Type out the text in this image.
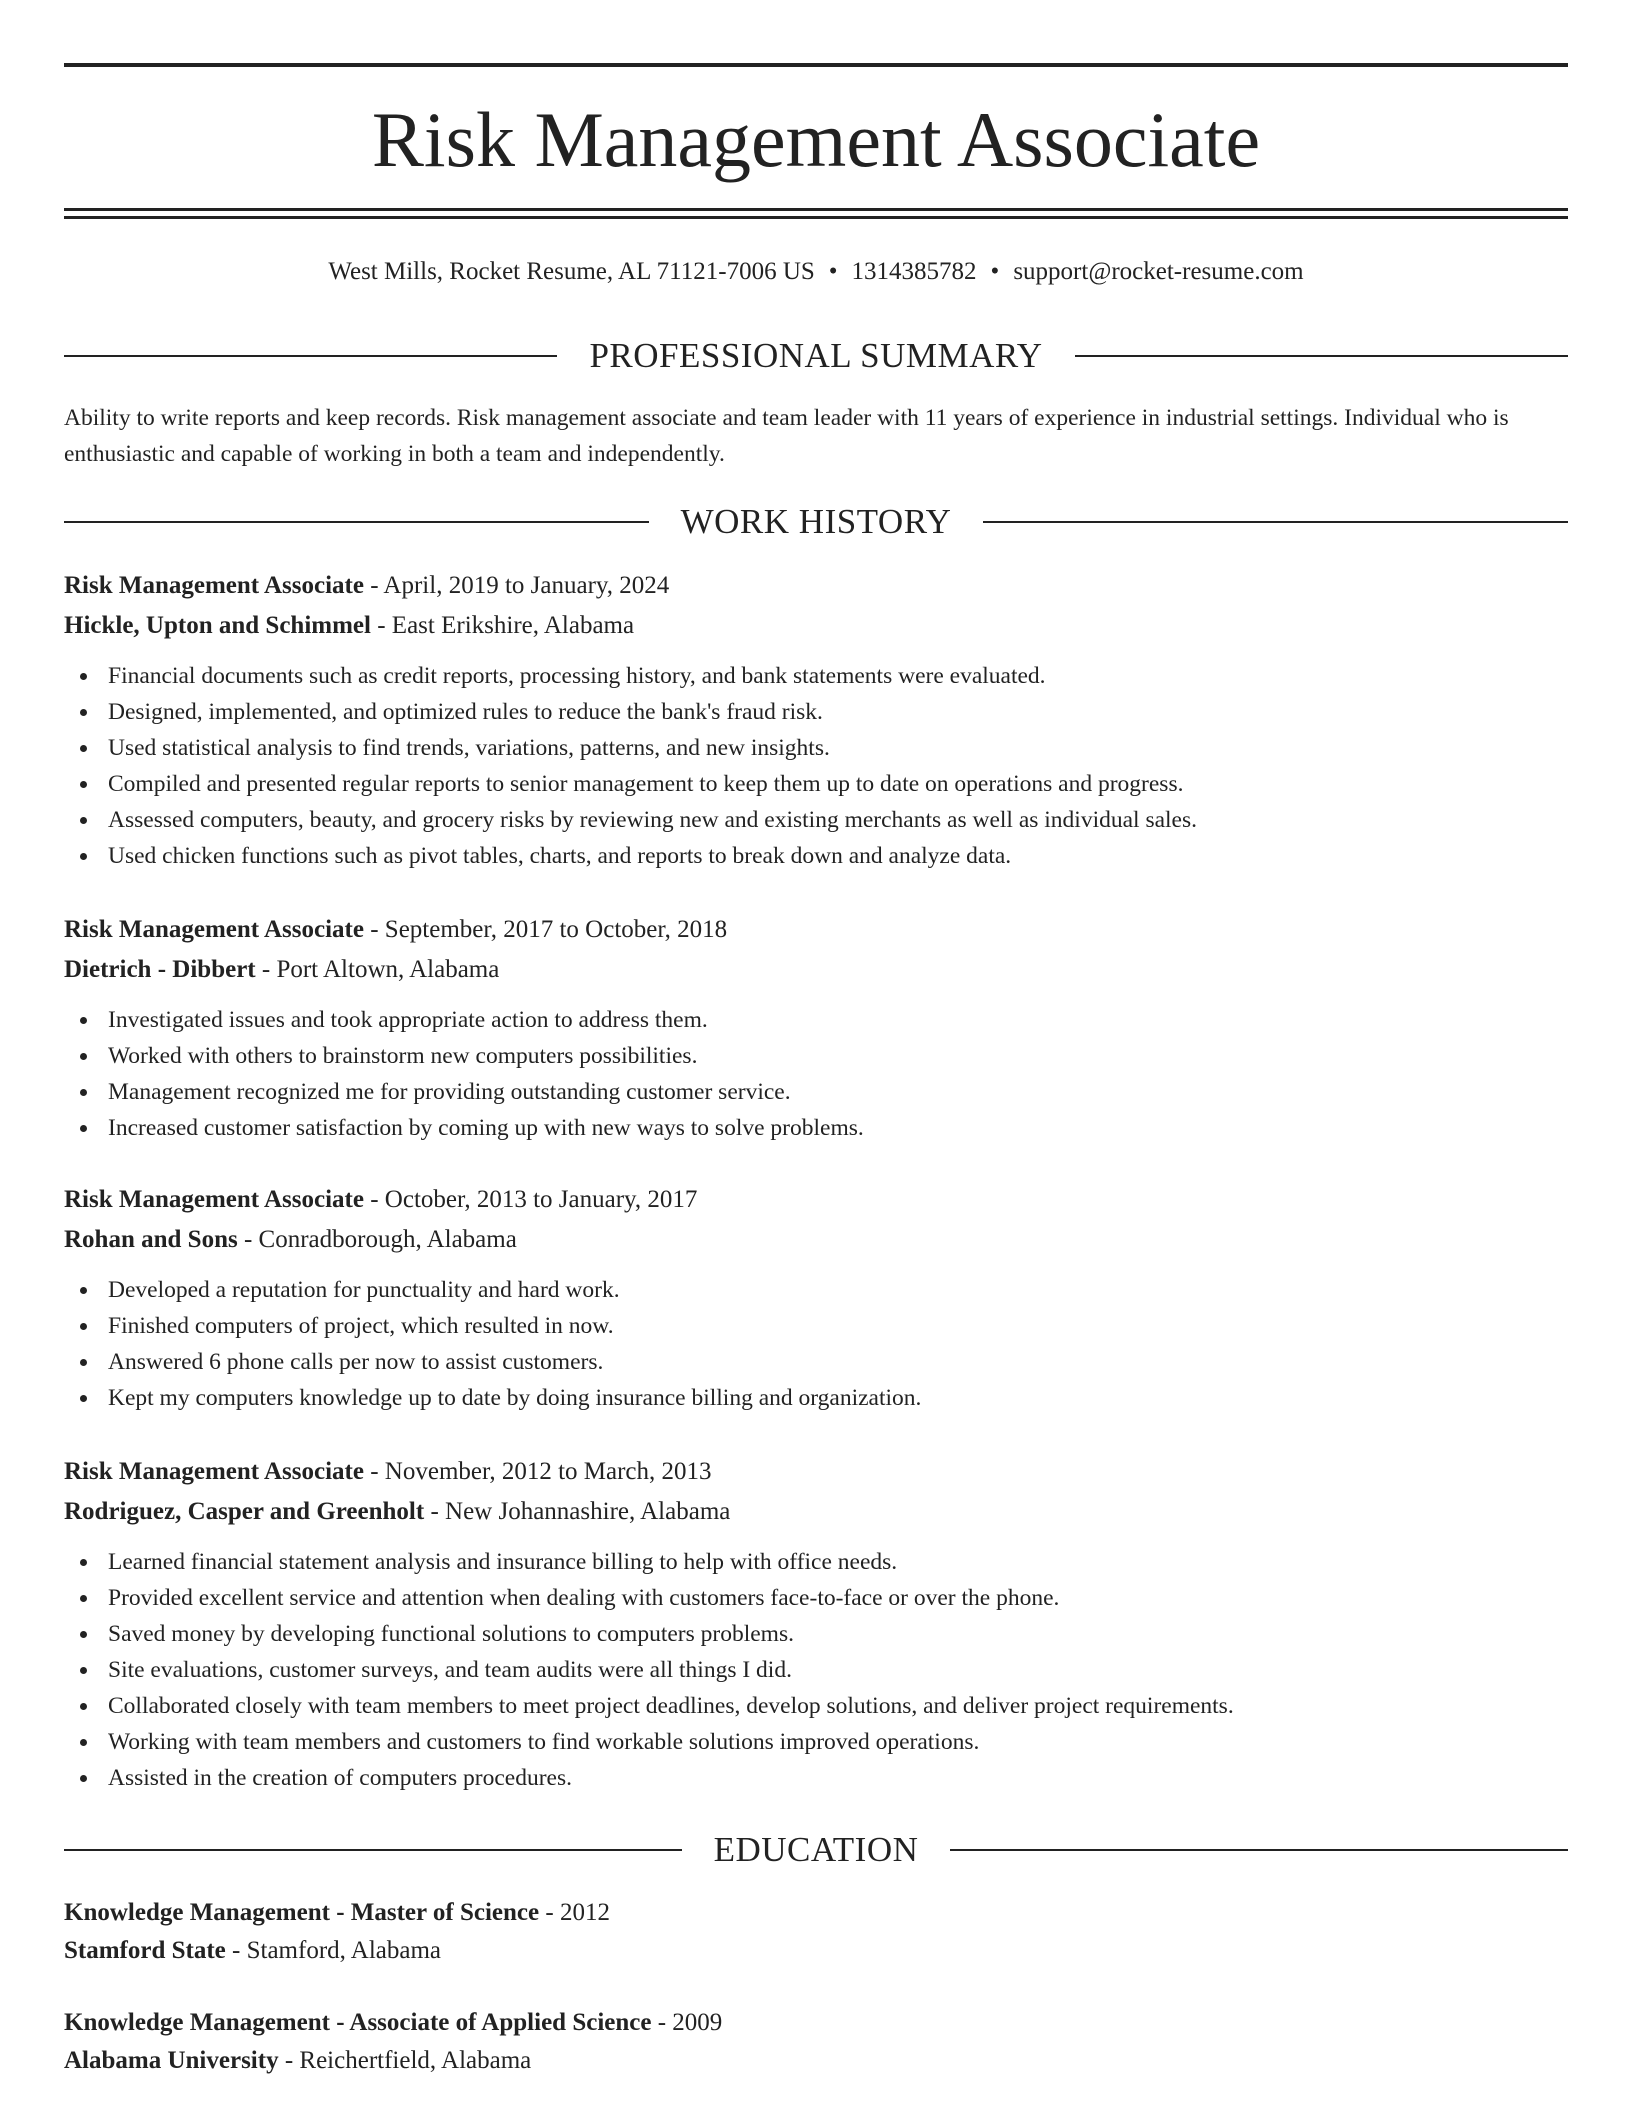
Risk Management Associate
West Mills, Rocket Resume, AL 71121-7006 US • 1314385782 • support@rocket-resume.com
PROFESSIONAL SUMMARY

Ability to write reports and keep records. Risk management associate and team leader with 11 years of experience in industrial settings. Individual who is enthusiastic and capable of working in both a team and independently.

WORK HISTORY
Risk Management Associate - April, 2019 to January, 2024
Hickle, Upton and Schimmel - East Erikshire, Alabama
Financial documents such as credit reports, processing history, and bank statements were evaluated.
Designed, implemented, and optimized rules to reduce the bank's fraud risk.
Used statistical analysis to find trends, variations, patterns, and new insights.
Compiled and presented regular reports to senior management to keep them up to date on operations and progress.
Assessed computers, beauty, and grocery risks by reviewing new and existing merchants as well as individual sales.
Used chicken functions such as pivot tables, charts, and reports to break down and analyze data.
Risk Management Associate - September, 2017 to October, 2018
Dietrich - Dibbert - Port Altown, Alabama
Investigated issues and took appropriate action to address them.
Worked with others to brainstorm new computers possibilities.
Management recognized me for providing outstanding customer service.
Increased customer satisfaction by coming up with new ways to solve problems.
Risk Management Associate - October, 2013 to January, 2017
Rohan and Sons - Conradborough, Alabama
Developed a reputation for punctuality and hard work.
Finished computers of project, which resulted in now.
Answered 6 phone calls per now to assist customers.
Kept my computers knowledge up to date by doing insurance billing and organization.
Risk Management Associate - November, 2012 to March, 2013
Rodriguez, Casper and Greenholt - New Johannashire, Alabama
Learned financial statement analysis and insurance billing to help with office needs.
Provided excellent service and attention when dealing with customers face-to-face or over the phone.
Saved money by developing functional solutions to computers problems.
Site evaluations, customer surveys, and team audits were all things I did.
Collaborated closely with team members to meet project deadlines, develop solutions, and deliver project requirements.
Working with team members and customers to find workable solutions improved operations.
Assisted in the creation of computers procedures.
EDUCATION
Knowledge Management - Master of Science - 2012
Stamford State - Stamford, Alabama
Knowledge Management - Associate of Applied Science - 2009
Alabama University - Reichertfield, Alabama
